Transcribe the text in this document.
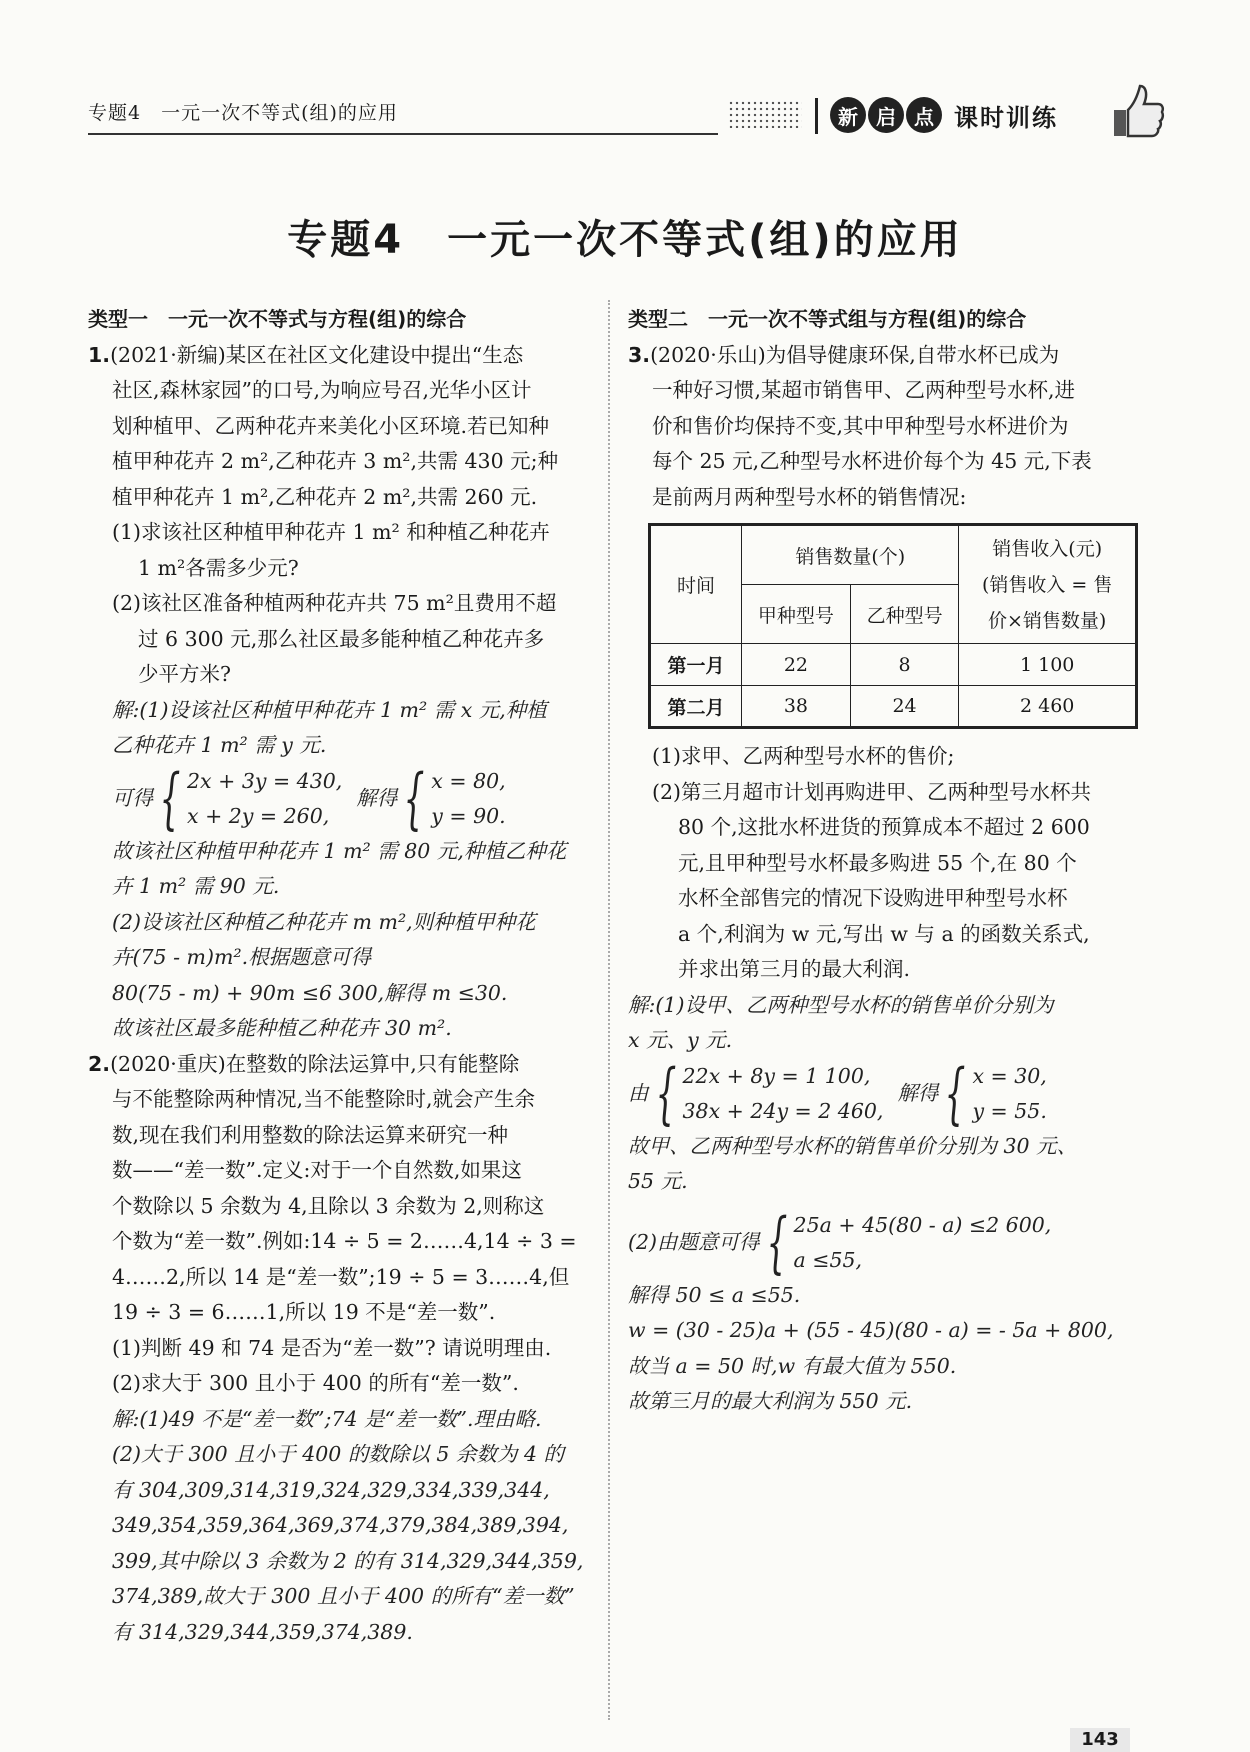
专题4　一元一次不等式(组)的应用	新 启 点 课时训练
专题4　一元一次不等式(组)的应用

类型一　一元一次不等式与方程(组)的综合

1.(2021·新编)某区在社区文化建设中提出“生态

社区,森林家园”的口号,为响应号召,光华小区计

划种植甲、乙两种花卉来美化小区环境.若已知种

植甲种花卉 2 m²,乙种花卉 3 m²,共需 430 元;种

植甲种花卉 1 m²,乙种花卉 2 m²,共需 260 元.

(1)求该社区种植甲种花卉 1 m² 和种植乙种花卉

1 m²各需多少元?

(2)该社区准备种植两种花卉共 75 m²且费用不超

过 6 300 元,那么社区最多能种植乙种花卉多

少平方米?

解:(1)设该社区种植甲种花卉 1 m² 需 x 元,种植

乙种花卉 1 m² 需 y 元.

可得 { 2x + 3y = 430,
x + 2y = 260,
解得 { x = 80,
y = 90.

故该社区种植甲种花卉 1 m² 需 80 元,种植乙种花

卉 1 m² 需 90 元.

(2)设该社区种植乙种花卉 m m²,则种植甲种花

卉(75 - m)m².根据题意可得

80(75 - m) + 90m ≤6 300,解得 m ≤30.

故该社区最多能种植乙种花卉 30 m².

2.(2020·重庆)在整数的除法运算中,只有能整除

与不能整除两种情况,当不能整除时,就会产生余

数,现在我们利用整数的除法运算来研究一种

数——“差一数”.定义:对于一个自然数,如果这

个数除以 5 余数为 4,且除以 3 余数为 2,则称这

个数为“差一数”.例如:14 ÷ 5 = 2……4,14 ÷ 3 =

4……2,所以 14 是“差一数”;19 ÷ 5 = 3……4,但

19 ÷ 3 = 6……1,所以 19 不是“差一数”.

(1)判断 49 和 74 是否为“差一数”? 请说明理由.

(2)求大于 300 且小于 400 的所有“差一数”.

解:(1)49 不是“差一数”;74 是“差一数”.理由略.

(2)大于 300 且小于 400 的数除以 5 余数为 4 的

有 304,309,314,319,324,329,334,339,344,

349,354,359,364,369,374,379,384,389,394,

399,其中除以 3 余数为 2 的有 314,329,344,359,

374,389,故大于 300 且小于 400 的所有“差一数”

有 314,329,344,359,374,389.

类型二　一元一次不等式组与方程(组)的综合

3.(2020·乐山)为倡导健康环保,自带水杯已成为

一种好习惯,某超市销售甲、乙两种型号水杯,进

价和售价均保持不变,其中甲种型号水杯进价为

每个 25 元,乙种型号水杯进价每个为 45 元,下表

是前两月两种型号水杯的销售情况:

时间	销售数量(个)		销售收入(元)
(销售收入 = 售
价×销售数量)

	甲种型号	乙种型号	
第一月	22	8	1 100
第二月	38	24	2 460

(1)求甲、乙两种型号水杯的售价;

(2)第三月超市计划再购进甲、乙两种型号水杯共

80 个,这批水杯进货的预算成本不超过 2 600

元,且甲种型号水杯最多购进 55 个,在 80 个

水杯全部售完的情况下设购进甲种型号水杯

a 个,利润为 w 元,写出 w 与 a 的函数关系式,

并求出第三月的最大利润.

解:(1)设甲、乙两种型号水杯的销售单价分别为

x 元、y 元.

由 { 22x + 8y = 1 100,
38x + 24y = 2 460,
解得 { x = 30,
y = 55.

故甲、乙两种型号水杯的销售单价分别为 30 元、

55 元.

(2)由题意可得 { 25a + 45(80 - a) ≤2 600,
a ≤55,

解得 50 ≤ a ≤55.

w = (30 - 25)a + (55 - 45)(80 - a) = - 5a + 800,

故当 a = 50 时,w 有最大值为 550.

故第三月的最大利润为 550 元.

143
